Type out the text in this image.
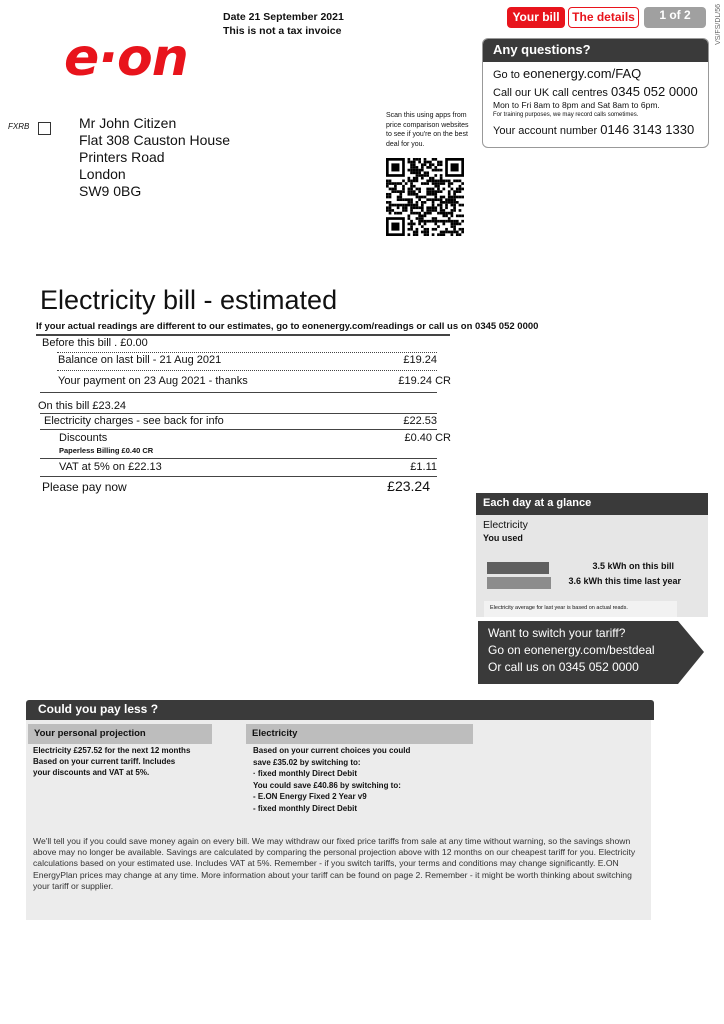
e·on
Date 21 September 2021
This is not a tax invoice
Your bill	The details	1 of 2	VS/FS/DL/56
Any questions?
Go to eonenergy.com/FAQ
Call our UK call centres 0345 052 0000
Mon to Fri 8am to 8pm and Sat 8am to 6pm.
For training purposes, we may record calls sometimes.
Your account number 0146 3143 1330
FXRB	Mr John Citizen
Flat 308 Causton House
Printers Road
London
SW9 0BG
Scan this using apps from price comparison websites to see if you're on the best deal for you.
Electricity bill - estimated
If your actual readings are different to our estimates, go to eonenergy.com/readings or call us on 0345 052 0000
Before this bill . £0.00
Balance on last bill - 21 Aug 2021	£19.24
Your payment on 23 Aug 2021 - thanks	£19.24 CR
On this bill £23.24
Electricity charges - see back for info	£22.53
Discounts	£0.40 CR
Paperless Billing £0.40 CR
VAT at 5% on £22.13	£1.11
Please pay now	£23.24
Each day at a glance
Electricity
You used
3.5 kWh on this bill
3.6 kWh this time last year
Electricity average for last year is based on actual reads.
Want to switch your tariff?
Go on eonenergy.com/bestdeal
Or call us on 0345 052 0000
Could you pay less ?
Your personal projection
Electricity £257.52 for the next 12 months
Based on your current tariff. Includes
your discounts and VAT at 5%.
Electricity
Based on your current choices you could
save £35.02 by switching to:
· fixed monthly Direct Debit
You could save £40.86 by switching to:
- E.ON Energy Fixed 2 Year v9
- fixed monthly Direct Debit
We'll tell you if you could save money again on every bill. We may withdraw our fixed price tariffs from sale at any time without warning, so the savings shown above may no longer be available. Savings are calculated by comparing the personal projection above with 12 months on our cheapest tariff for you. Electricity calculations based on your estimated use. Includes VAT at 5%. Remember - if you switch tariffs, your terms and conditions may change significantly. E.ON EnergyPlan prices may change at any time. More information about your tariff can be found on page 2. Remember - it might be worth thinking about switching your tariff or supplier.
